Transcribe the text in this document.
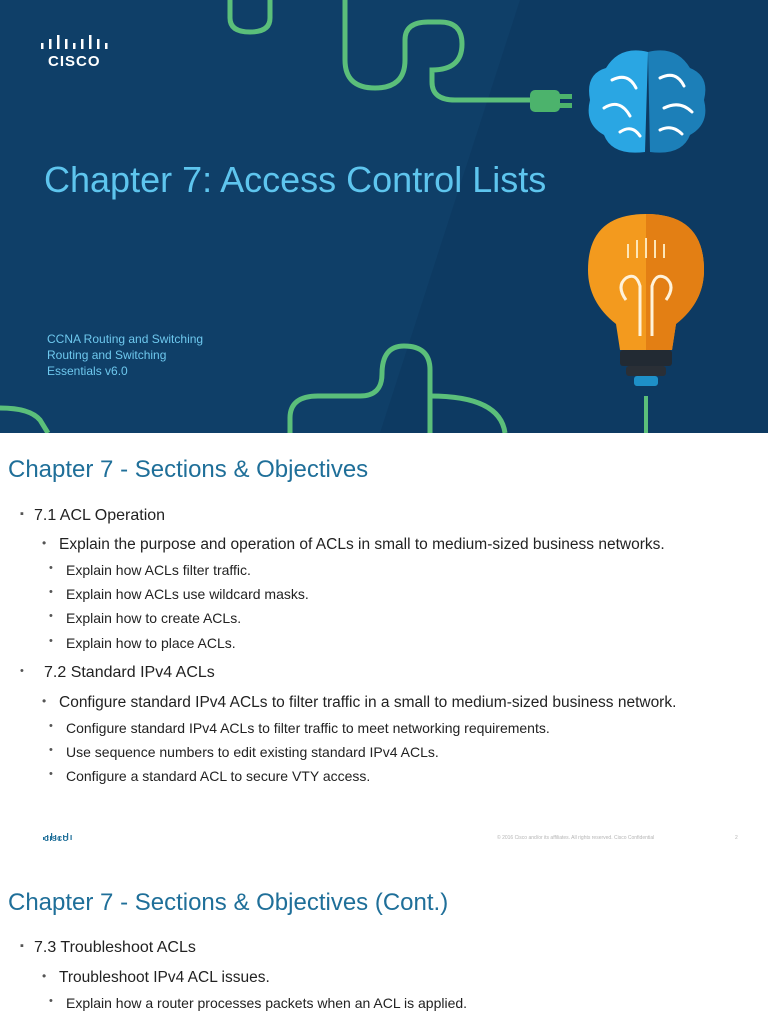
CISCO
Chapter 7: Access Control Lists
CCNA Routing and Switching
Routing and Switching
Essentials v6.0
Chapter 7 - Sections & Objectives
▪ 7.1 ACL Operation
• Explain the purpose and operation of ACLs in small to medium-sized business networks.
• Explain how ACLs filter traffic.
• Explain how ACLs use wildcard masks.
• Explain how to create ACLs.
• Explain how to place ACLs.
• 7.2 Standard IPv4 ACLs
• Configure standard IPv4 ACLs to filter traffic in a small to medium-sized business network.
• Configure standard IPv4 ACLs to filter traffic to meet networking requirements.
• Use sequence numbers to edit existing standard IPv4 ACLs.
• Configure a standard ACL to secure VTY access.
CISCO	© 2016 Cisco and/or its affiliates. All rights reserved. Cisco Confidential	2
Chapter 7 - Sections & Objectives (Cont.)
▪ 7.3 Troubleshoot ACLs
• Troubleshoot IPv4 ACL issues.
• Explain how a router processes packets when an ACL is applied.
